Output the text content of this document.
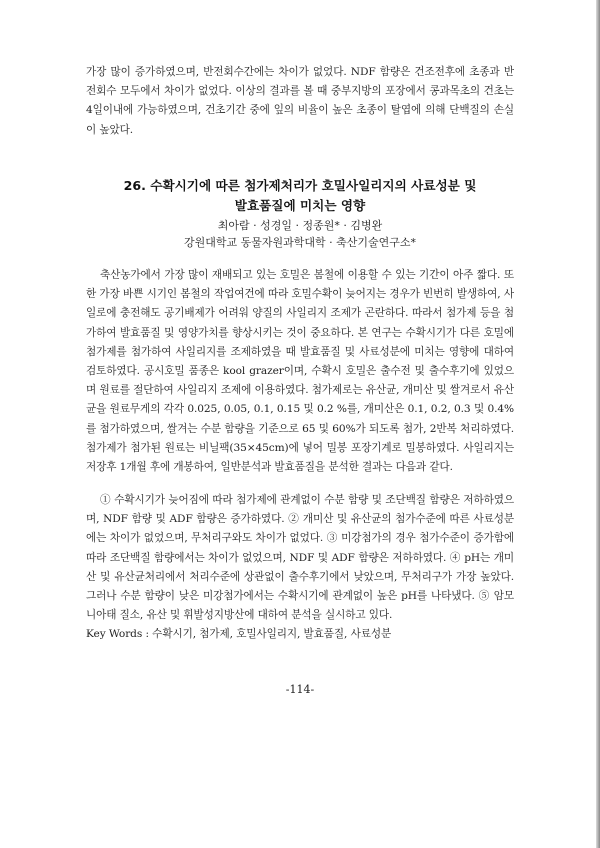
가장 많이 증가하였으며, 반전회수간에는 차이가 없었다. NDF 함량은 건조전후에 초종과 반전회수 모두에서 차이가 없었다. 이상의 결과를 볼 때 중부지방의 포장에서 콩과목초의 건초는 4일이내에 가능하였으며, 건초기간 중에 잎의 비율이 높은 초종이 탈엽에 의해 단백질의 손실이 높았다.

26. 수확시기에 따른 첨가제처리가 호밀사일리지의 사료성분 및
발효품질에 미치는 영향
최아람 · 성경일 · 정종원* · 김병완
강원대학교 동물자원과학대학 · 축산기술연구소*

축산농가에서 가장 많이 재배되고 있는 호밀은 봄철에 이용할 수 있는 기간이 아주 짧다. 또한 가장 바쁜 시기인 봄철의 작업여건에 따라 호밀수확이 늦어지는 경우가 빈번히 발생하여, 사일로에 충전해도 공기배제가 어려워 양질의 사일리지 조제가 곤란하다. 따라서 첨가제 등을 첨가하여 발효품질 및 영양가치를 향상시키는 것이 중요하다. 본 연구는 수확시기가 다른 호밀에 첨가제를 첨가하여 사일리지를 조제하였을 때 발효품질 및 사료성분에 미치는 영향에 대하여 검토하였다. 공시호밀 품종은 kool grazer이며, 수확시 호밀은 출수전 및 출수후기에 있었으며 원료를 절단하여 사일리지 조제에 이용하였다. 첨가제로는 유산균, 개미산 및 쌀겨로서 유산균을 원료무게의 각각 0.025, 0.05, 0.1, 0.15 및 0.2 %를, 개미산은 0.1, 0.2, 0.3 및 0.4%를 첨가하였으며, 쌀겨는 수분 함량을 기준으로 65 및 60%가 되도록 첨가, 2반복 처리하였다. 첨가제가 첨가된 원료는 비닐팩(35×45cm)에 넣어 밀봉 포장기계로 밀봉하였다. 사일리지는 저장후 1개월 후에 개봉하여, 일반분석과 발효품질을 분석한 결과는 다음과 같다.

① 수확시기가 늦어짐에 따라 첨가제에 관계없이 수분 함량 및 조단백질 함량은 저하하였으며, NDF 함량 및 ADF 함량은 증가하였다. ② 개미산 및 유산균의 첨가수준에 따른 사료성분에는 차이가 없었으며, 무처리구와도 차이가 없었다. ③ 미강첨가의 경우 첨가수준이 증가함에 따라 조단백질 함량에서는 차이가 없었으며, NDF 및 ADF 함량은 저하하였다. ④ pH는 개미산 및 유산균처리에서 처리수준에 상관없이 출수후기에서 낮았으며, 무처리구가 가장 높았다. 그러나 수분 함량이 낮은 미강첨가에서는 수확시기에 관계없이 높은 pH를 나타냈다. ⑤ 암모니아태 질소, 유산 및 휘발성지방산에 대하여 분석을 실시하고 있다.

Key Words : 수확시기, 첨가제, 호밀사일리지, 발효품질, 사료성분

-114-
